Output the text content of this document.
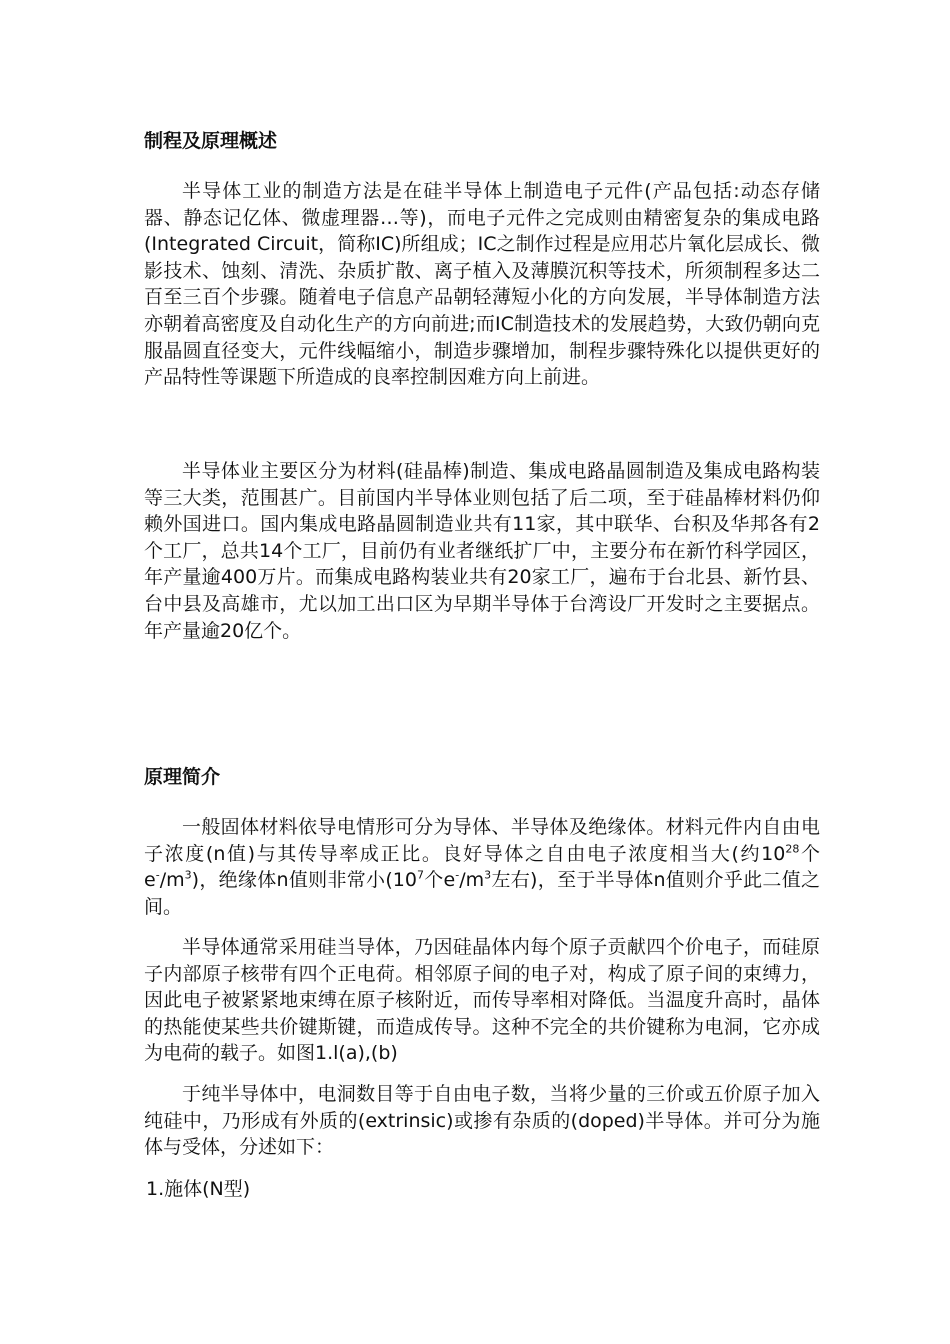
制程及原理概述

半导体工业的制造方法是在硅半导体上制造电子元件(产品包括:动态存储器、静态记亿体、微虚理器…等)，而电子元件之完成则由精密复杂的集成电路(Integrated Circuit，简称IC)所组成；IC之制作过程是应用芯片氧化层成长、微影技术、蚀刻、清洗、杂质扩散、离子植入及薄膜沉积等技术，所须制程多达二百至三百个步骤。随着电子信息产品朝轻薄短小化的方向发展，半导体制造方法亦朝着高密度及自动化生产的方向前进;而IC制造技术的发展趋势，大致仍朝向克服晶圆直径变大，元件线幅缩小，制造步骤增加，制程步骤特殊化以提供更好的产品特性等课题下所造成的良率控制因难方向上前进。

半导体业主要区分为材料(硅晶棒)制造、集成电路晶圆制造及集成电路构装等三大类，范围甚广。目前国内半导体业则包括了后二项，至于硅晶棒材料仍仰赖外国进口。国内集成电路晶圆制造业共有11家，其中联华、台积及华邦各有2个工厂，总共14个工厂，目前仍有业者继纸扩厂中，主要分布在新竹科学园区，年产量逾400万片。而集成电路构装业共有20家工厂，遍布于台北县、新竹县、台中县及高雄市，尤以加工出口区为早期半导体于台湾设厂开发时之主要据点。年产量逾20亿个。

原理简介

一般固体材料依导电情形可分为导体、半导体及绝缘体。材料元件内自由电子浓度(n值)与其传导率成正比。良好导体之自由电子浓度相当大(约$10^{28}$个$e^-/m^3$)，绝缘体n值则非常小($10^7$个$e^-/m^3$左右)，至于半导体n值则介乎此二值之间。

半导体通常采用硅当导体，乃因硅晶体内每个原子贡献四个价电子，而硅原子内部原子核带有四个正电荷。相邻原子间的电子对，构成了原子间的束缚力，因此电子被紧紧地束缚在原子核附近，而传导率相对降低。当温度升高时，晶体的热能使某些共价键斯键，而造成传导。这种不完全的共价键称为电洞，它亦成为电荷的载子。如图1.l(a),(b)

于纯半导体中，电洞数目等于自由电子数，当将少量的三价或五价原子加入纯硅中，乃形成有外质的(extrinsic)或掺有杂质的(doped)半导体。并可分为施体与受体，分述如下：

1.施体(N型)
